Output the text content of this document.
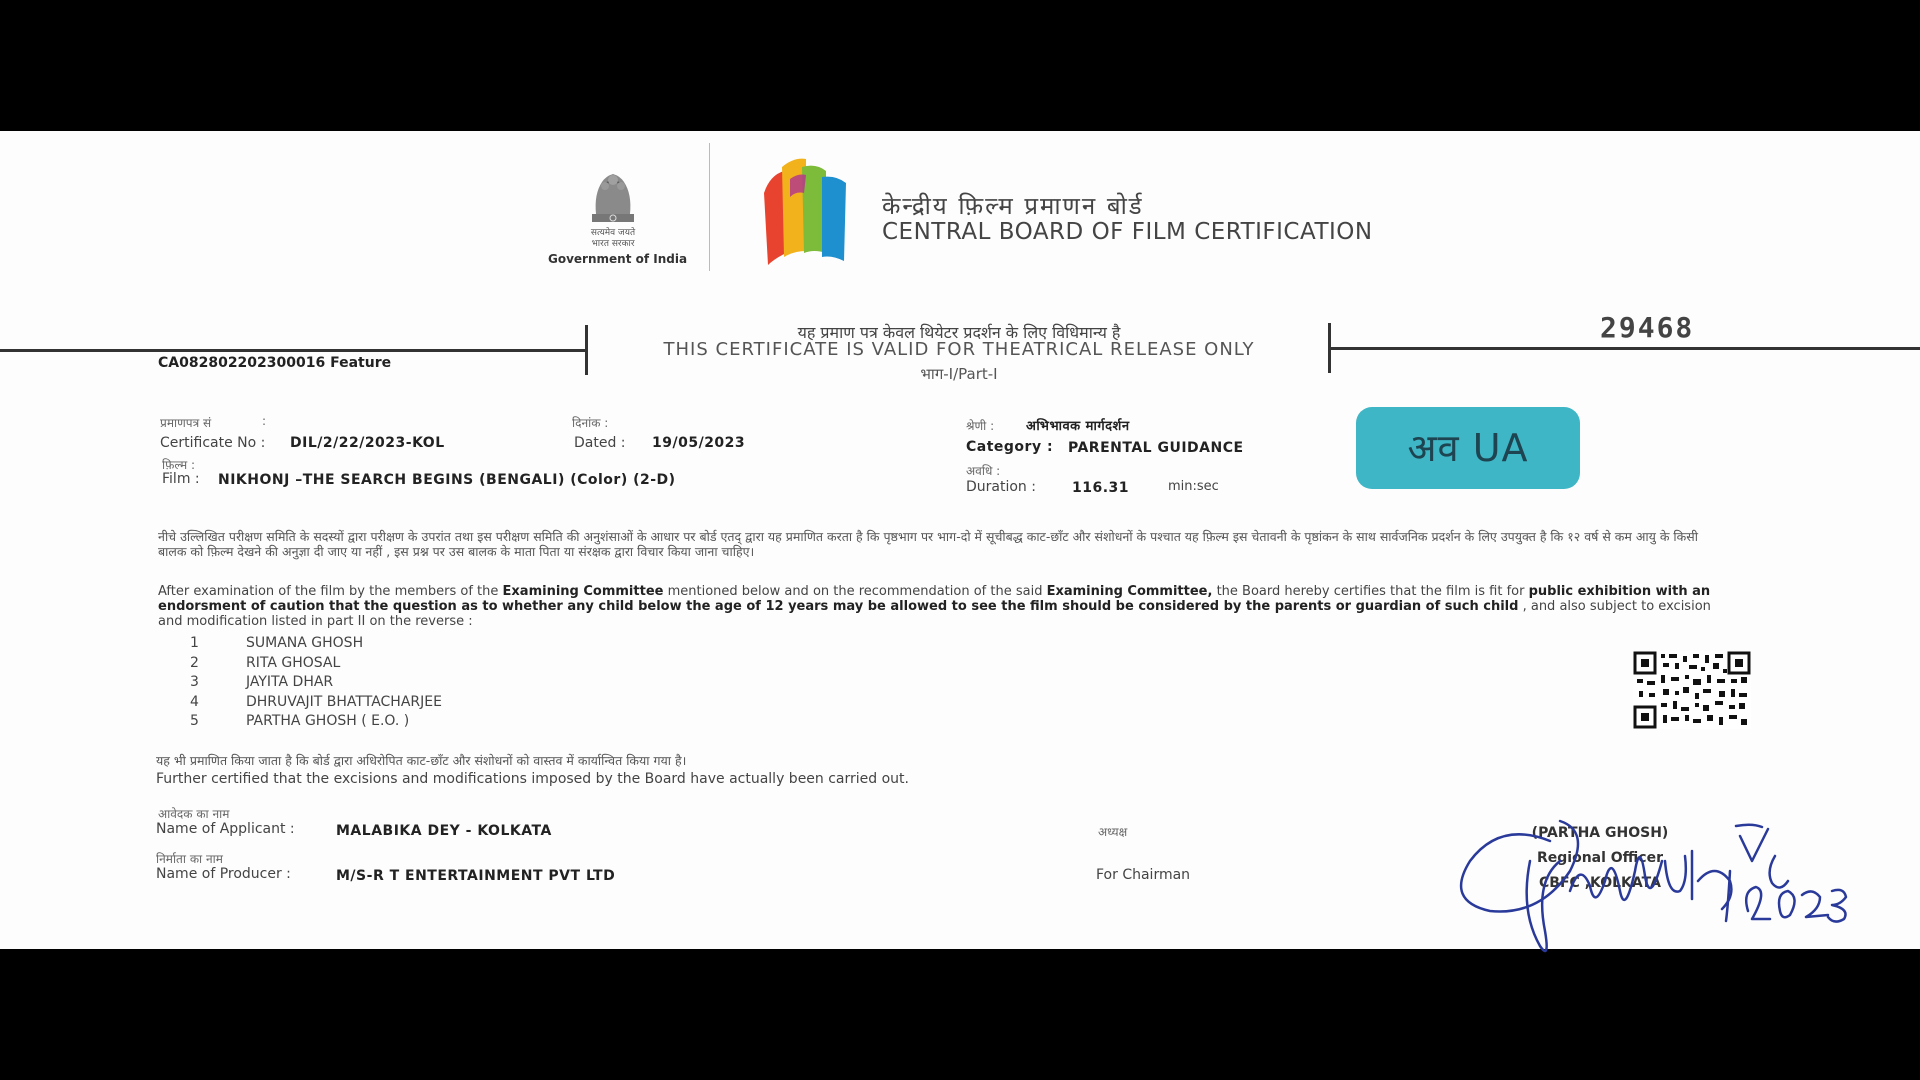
सत्यमेव जयते
भारत सरकार
Government of India
केन्द्रीय फ़िल्म प्रमाणन बोर्ड
CENTRAL BOARD OF FILM CERTIFICATION
यह प्रमाण पत्र केवल थियेटर प्रदर्शन के लिए विधिमान्य है
THIS CERTIFICATE IS VALID FOR THEATRICAL RELEASE ONLY
भाग-I/Part-I
29468
CA082802202300016 Feature
प्रमाणपत्र सं	:
Certificate No : DIL/2/22/2023-KOL
दिनांक :
Dated : 19/05/2023
फ़िल्म :
Film : NIKHONJ –THE SEARCH BEGINS (BENGALI) (Color) (2-D)
श्रेणी : अभिभावक मार्गदर्शन
Category : PARENTAL GUIDANCE
अवधि :
Duration :	116.31	min:sec
अव UA
नीचे उल्लिखित परीक्षण समिति के सदस्यों द्वारा परीक्षण के उपरांत तथा इस परीक्षण समिति की अनुशंसाओं के आधार पर बोर्ड एतद् द्वारा यह प्रमाणित करता है कि पृष्ठभाग पर भाग-दो में सूचीबद्ध काट-छाँट और संशोधनों के पश्चात यह फ़िल्म इस चेतावनी के पृष्ठांकन के साथ सार्वजनिक प्रदर्शन के लिए उपयुक्त है कि १२ वर्ष से कम आयु के किसी बालक को फ़िल्म देखने की अनुज्ञा दी जाए या नहीं , इस प्रश्न पर उस बालक के माता पिता या संरक्षक द्वारा विचार किया जाना चाहिए।
After examination of the film by the members of the Examining Committee mentioned below and on the recommendation of the said Examining Committee, the Board hereby certifies that the film is fit for public exhibition with an endorsment of caution that the question as to whether any child below the age of 12 years may be allowed to see the film should be considered by the parents or guardian of such child , and also subject to excision and modification listed in part II on the reverse :
1	SUMANA GHOSH
2	RITA GHOSAL
3	JAYITA DHAR
4	DHRUVAJIT BHATTACHARJEE
5	PARTHA GHOSH ( E.O. )
यह भी प्रमाणित किया जाता है कि बोर्ड द्वारा अधिरोपित काट-छाँट और संशोधनों को वास्तव में कार्यान्वित किया गया है।
Further certified that the excisions and modifications imposed by the Board have actually been carried out.
आवेदक का नाम
Name of Applicant :	MALABIKA DEY - KOLKATA
निर्माता का नाम
Name of Producer :	M/S-R T ENTERTAINMENT PVT LTD
अध्यक्ष
For Chairman
(PARTHA GHOSH)
Regional Officer
CBFC ,KOLKATA
